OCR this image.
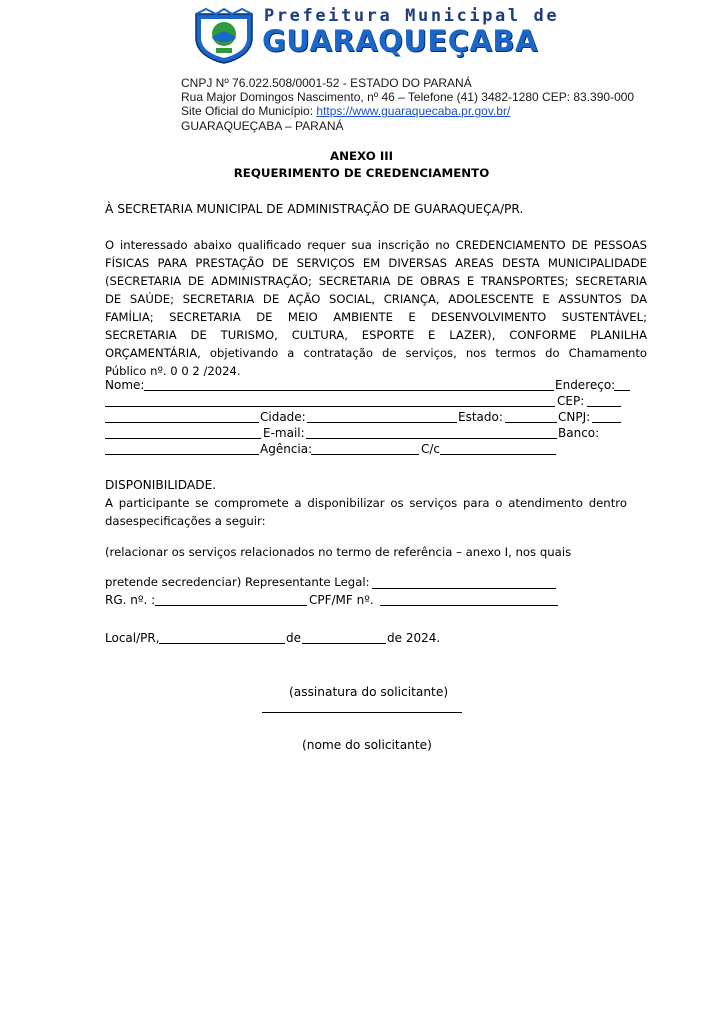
Prefeitura Municipal de
GUARAQUEÇABA
CNPJ Nº 76.022.508/0001-52 - ESTADO DO PARANÁ
Rua Major Domingos Nascimento, nº 46 – Telefone (41) 3482-1280 CEP: 83.390-000
Site Oficial do Município: https://www.guaraquecaba.pr.gov.br/
GUARAQUEÇABA – PARANÁ
ANEXO III
REQUERIMENTO DE CREDENCIAMENTO
À SECRETARIA MUNICIPAL DE ADMINISTRAÇÃO DE GUARAQUEÇA/PR.
O interessado abaixo qualificado requer sua inscrição no CREDENCIAMENTO DE PESSOAS
FÍSICAS PARA PRESTAÇÃO DE SERVIÇOS EM DIVERSAS AREAS DESTA MUNICIPALIDADE
(SECRETARIA DE ADMINISTRAÇÃO; SECRETARIA DE OBRAS E TRANSPORTES; SECRETARIA
DE SAÚDE; SECRETARIA DE AÇÃO SOCIAL, CRIANÇA, ADOLESCENTE E ASSUNTOS DA
FAMÍLIA; SECRETARIA DE MEIO AMBIENTE E DESENVOLVIMENTO SUSTENTÁVEL;
SECRETARIA DE TURISMO, CULTURA, ESPORTE E LAZER), CONFORME PLANILHA
ORÇAMENTÁRIA, objetivando a contratação de serviços, nos termos do Chamamento
Público nº. 0 0 2 /2024.
Nome:	Endereço:
CEP:
Cidade:	Estado:	CNPJ:
E-mail:	Banco:
Agência:	C/c
DISPONIBILIDADE.
A participante se compromete a disponibilizar os serviços para o atendimento dentro
dasespecificações a seguir:
(relacionar os serviços relacionados no termo de referência – anexo I, nos quais
pretende secredenciar) Representante Legal:
RG. nº. :	CPF/MF nº.
Local/PR,	de	de 2024.
(assinatura do solicitante)
(nome do solicitante)
